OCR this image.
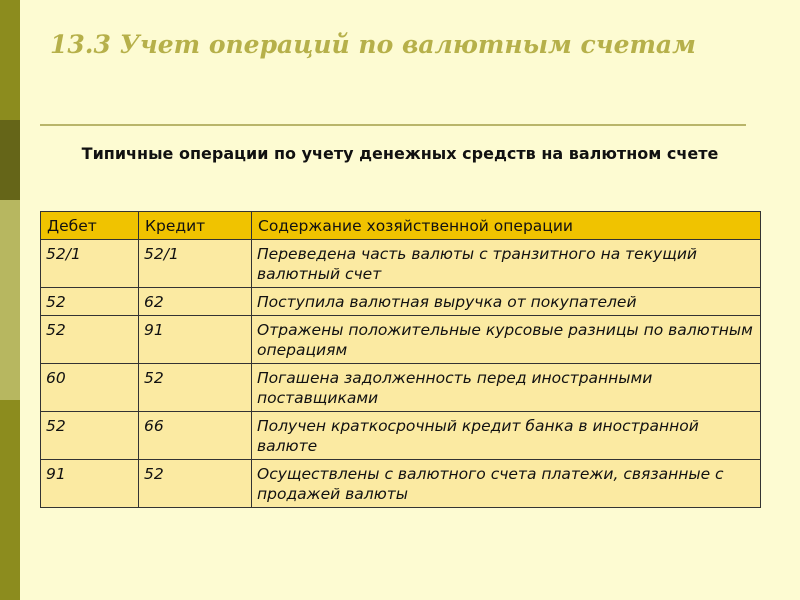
13.3 Учет операций по валютным счетам
Типичные операции по учету денежных средств на валютном счете
Дебет	Кредит	Содержание хозяйственной операции
52/1	52/1	Переведена часть валюты с транзитного на текущий валютный счет
52	62	Поступила валютная выручка от покупателей
52	91	Отражены положительные курсовые разницы по валютным операциям
60	52	Погашена задолженность перед иностранными поставщиками
52	66	Получен краткосрочный кредит банка в иностранной валюте
91	52	Осуществлены с валютного счета платежи, связанные с продажей валюты
